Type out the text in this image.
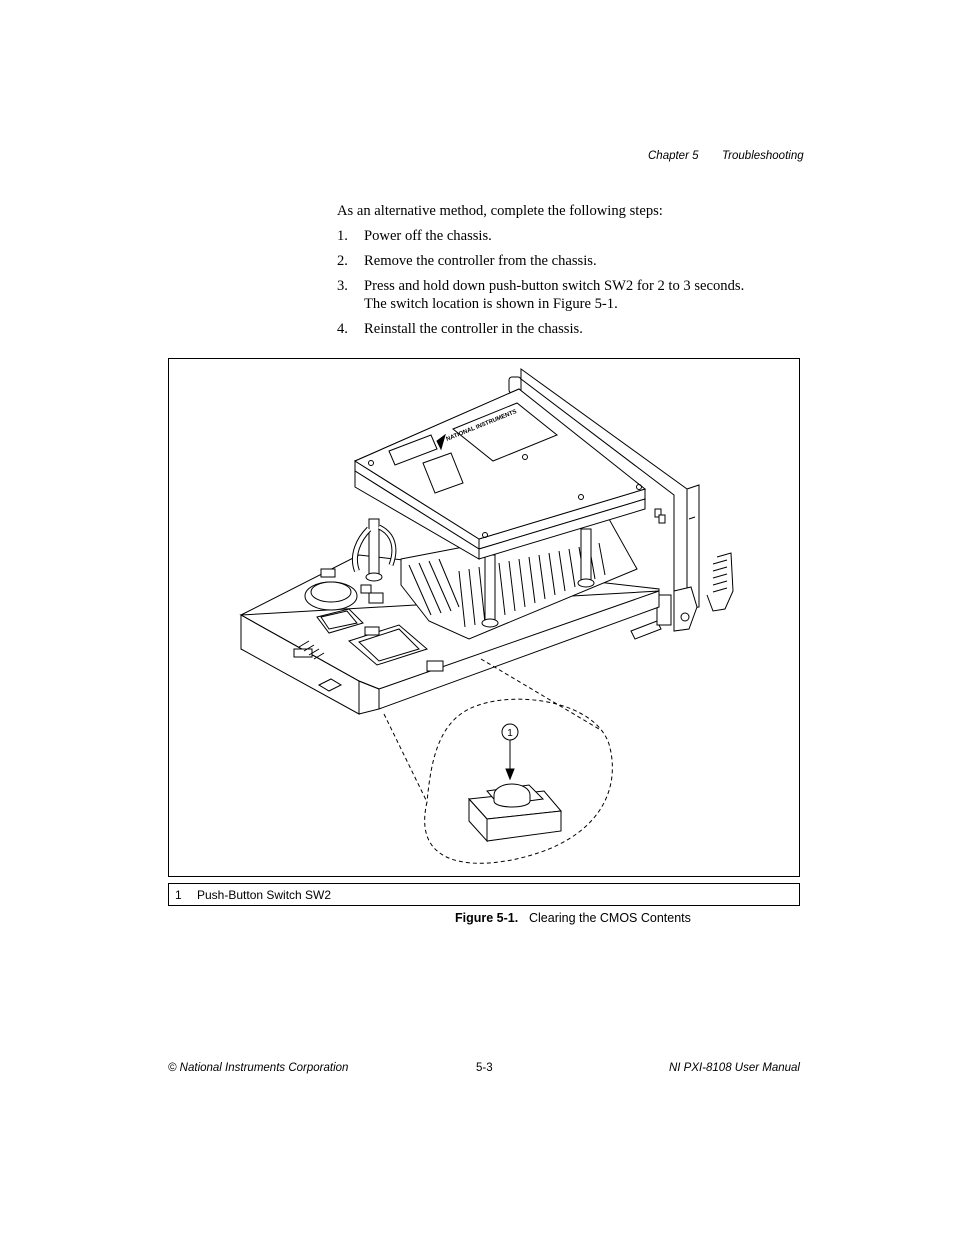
Chapter 5 Troubleshooting

As an alternative method, complete the following steps:

1. Power off the chassis.
2. Remove the controller from the chassis.
3. Press and hold down push-button switch SW2 for 2 to 3 seconds.
The switch location is shown in Figure 5-1.
4. Reinstall the controller in the chassis.
NATIONAL INSTRUMENTS
1
1 Push-Button Switch SW2
Figure 5-1. Clearing the CMOS Contents
© National Instruments Corporation	5-3	NI PXI-8108 User Manual
